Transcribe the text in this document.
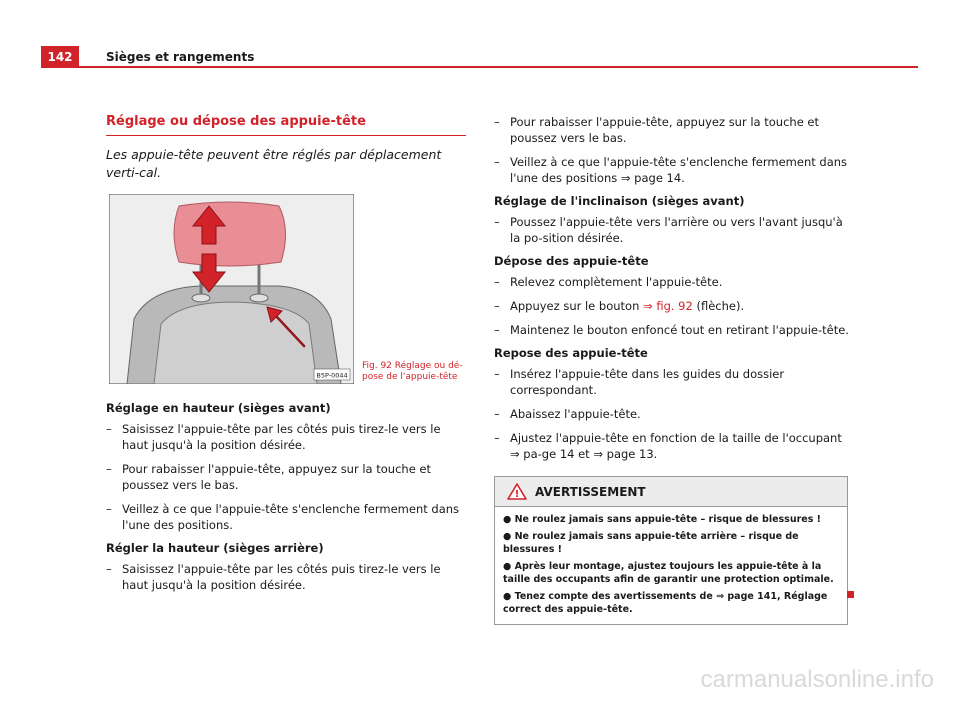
142	Sièges et rangements
Réglage ou dépose des appuie-tête

Les appuie-tête peuvent être réglés par déplacement verti-cal.

B5P-0044
Fig. 92 Réglage ou dé-
pose de l'appuie-tête
Réglage en hauteur (sièges avant)
– Saisissez l'appuie-tête par les côtés puis tirez-le vers le haut jusqu'à la position désirée.
– Pour rabaisser l'appuie-tête, appuyez sur la touche et poussez vers le bas.
– Veillez à ce que l'appuie-tête s'enclenche fermement dans l'une des positions.
Régler la hauteur (sièges arrière)
– Saisissez l'appuie-tête par les côtés puis tirez-le vers le haut jusqu'à la position désirée.
– Pour rabaisser l'appuie-tête, appuyez sur la touche et poussez vers le bas.
– Veillez à ce que l'appuie-tête s'enclenche fermement dans l'une des positions ⇒ page 14.
Réglage de l'inclinaison (sièges avant)
– Poussez l'appuie-tête vers l'arrière ou vers l'avant jusqu'à la po-sition désirée.
Dépose des appuie-tête
– Relevez complètement l'appuie-tête.
– Appuyez sur le bouton ⇒ fig. 92 (flèche).
– Maintenez le bouton enfoncé tout en retirant l'appuie-tête.
Repose des appuie-tête
– Insérez l'appuie-tête dans les guides du dossier correspondant.
– Abaissez l'appuie-tête.
– Ajustez l'appuie-tête en fonction de la taille de l'occupant ⇒ pa-ge 14 et ⇒ page 13.
! AVERTISSEMENT
● Ne roulez jamais sans appuie-tête – risque de blessures !
● Ne roulez jamais sans appuie-tête arrière – risque de blessures !
● Après leur montage, ajustez toujours les appuie-tête à la taille des occupants afin de garantir une protection optimale.
● Tenez compte des avertissements de ⇒ page 141, Réglage correct des appuie-tête.
carmanualsonline.info
